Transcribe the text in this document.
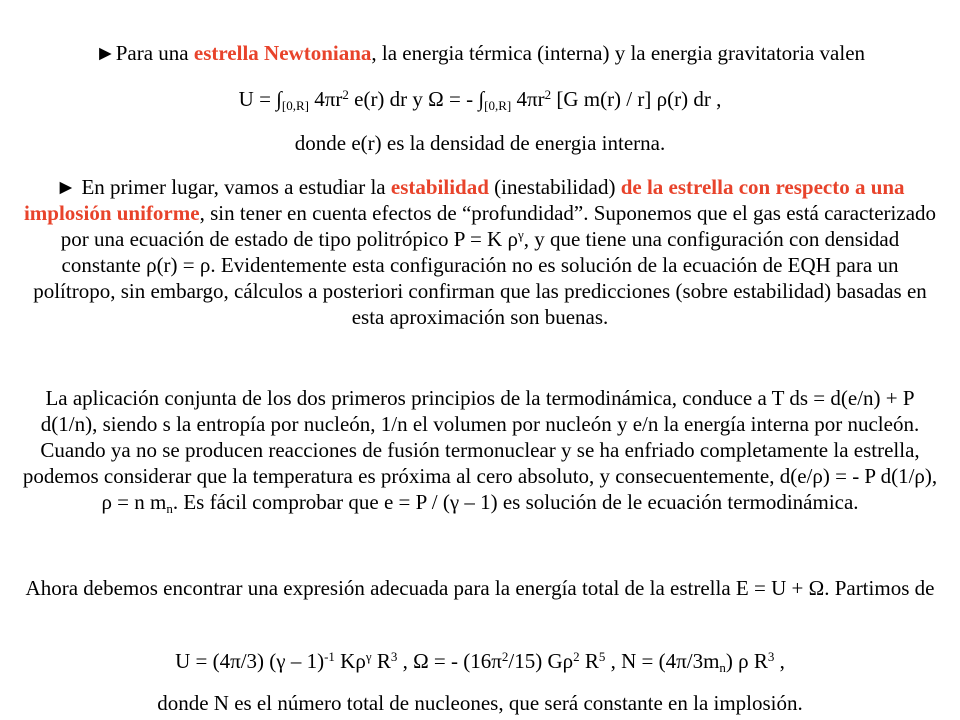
►Para una estrella Newtoniana, la energia térmica (interna) y la energia gravitatoria valen

$U = \int_{[0,R]}$ $4\pi r^2$ e(r) dr y Ω = - $\int_{[0,R]}$ $4\pi r^2$ [G m(r) / r] ρ(r) dr ,

donde e(r) es la densidad de energia interna.

► En primer lugar, vamos a estudiar la estabilidad (inestabilidad) de la estrella con respecto a una implosión uniforme, sin tener en cuenta efectos de “profundidad”. Suponemos que el gas está caracterizado por una ecuación de estado de tipo politrópico P = K $\rho^\gamma$, y que tiene una configuración con densidad constante ρ(r) = ρ. Evidentemente esta configuración no es solución de la ecuación de EQH para un polítropo, sin embargo, cálculos a posteriori confirman que las predicciones (sobre estabilidad) basadas en esta aproximación son buenas.

La aplicación conjunta de los dos primeros principios de la termodinámica, conduce a T ds = d(e/n) + P d(1/n), siendo s la entropía por nucleón, 1/n el volumen por nucleón y e/n la energía interna por nucleón. Cuando ya no se producen reacciones de fusión termonuclear y se ha enfriado completamente la estrella, podemos considerar que la temperatura es próxima al cero absoluto, y consecuentemente, d(e/ρ) = - P d(1/ρ), ρ = n $m_n$. Es fácil comprobar que e = P / (γ – 1) es solución de le ecuación termodinámica.

Ahora debemos encontrar una expresión adecuada para la energía total de la estrella E = U + Ω. Partimos de

U = (4π/3) (γ – 1)$^{-1}$ $K\rho^\gamma$ $R^3$ , Ω = - $(16\pi^2/15)$ $G\rho^2$ $R^5$ , $N = (4\pi/3m_n)$ ρ $R^3$ ,

donde N es el número total de nucleones, que será constante en la implosión.
